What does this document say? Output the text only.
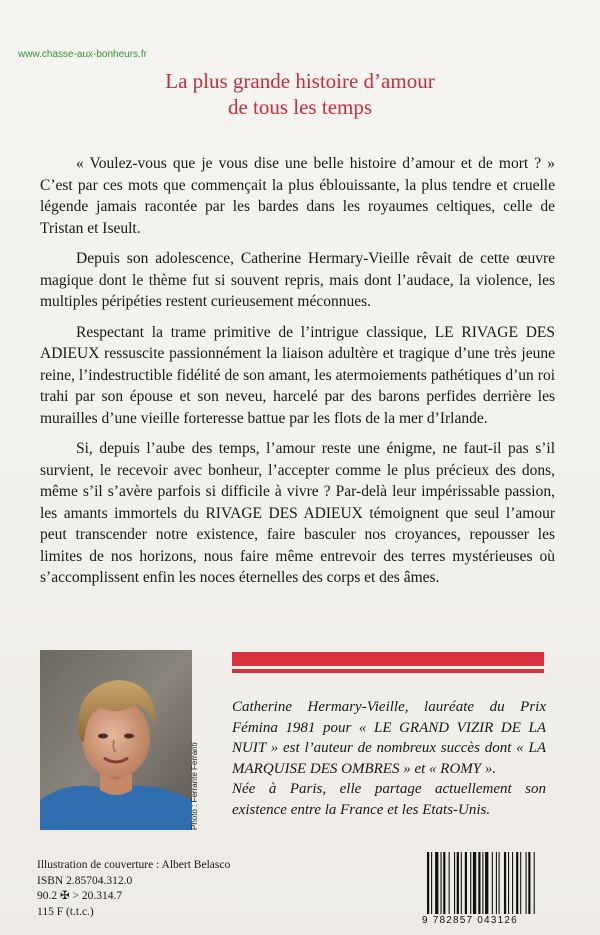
www.chasse-aux-bonheurs.fr
La plus grande histoire d’amour
de tous les temps

« Voulez-vous que je vous dise une belle histoire d’amour et de mort ? » C’est par ces mots que commençait la plus éblouissante, la plus tendre et cruelle légende jamais racontée par les bardes dans les royaumes celtiques, celle de Tristan et Iseult.

Depuis son adolescence, Catherine Hermary-Vieille rêvait de cette œuvre magique dont le thème fut si souvent repris, mais dont l’audace, la violence, les multiples péripéties restent curieusement méconnues.

Respectant la trame primitive de l’intrigue classique, LE RIVAGE DES ADIEUX ressuscite passionnément la liaison adultère et tragique d’une très jeune reine, l’indestructible fidélité de son amant, les atermoiements pathétiques d’un roi trahi par son épouse et son neveu, harcelé par des barons perfides derrière les murailles d’une vieille forteresse battue par les flots de la mer d’Irlande.

Si, depuis l’aube des temps, l’amour reste une énigme, ne faut-il pas s’il survient, le recevoir avec bonheur, l’accepter comme le plus précieux des dons, même s’il s’avère parfois si difficile à vivre ? Par-delà leur impérissable passion, les amants immortels du RIVAGE DES ADIEUX témoignent que seul l’amour peut transcender notre existence, faire basculer nos croyances, repousser les limites de nos horizons, nous faire même entrevoir des terres mystérieuses où s’accomplissent enfin les noces éternelles des corps et des âmes.

Photo : Ferrante Ferranti

Catherine Hermary-Vieille, lauréate du Prix Fémina 1981 pour « LE GRAND VIZIR DE LA NUIT » est l’auteur de nombreux succès dont « LA MARQUISE DES OMBRES » et « ROMY ».

Née à Paris, elle partage actuellement son existence entre la France et les Etats-Unis.

Illustration de couverture : Albert Belasco
ISBN 2.85704.312.0
90.2 ✠ > 20.314.7
115 F (t.t.c.)
9 782857 043126
